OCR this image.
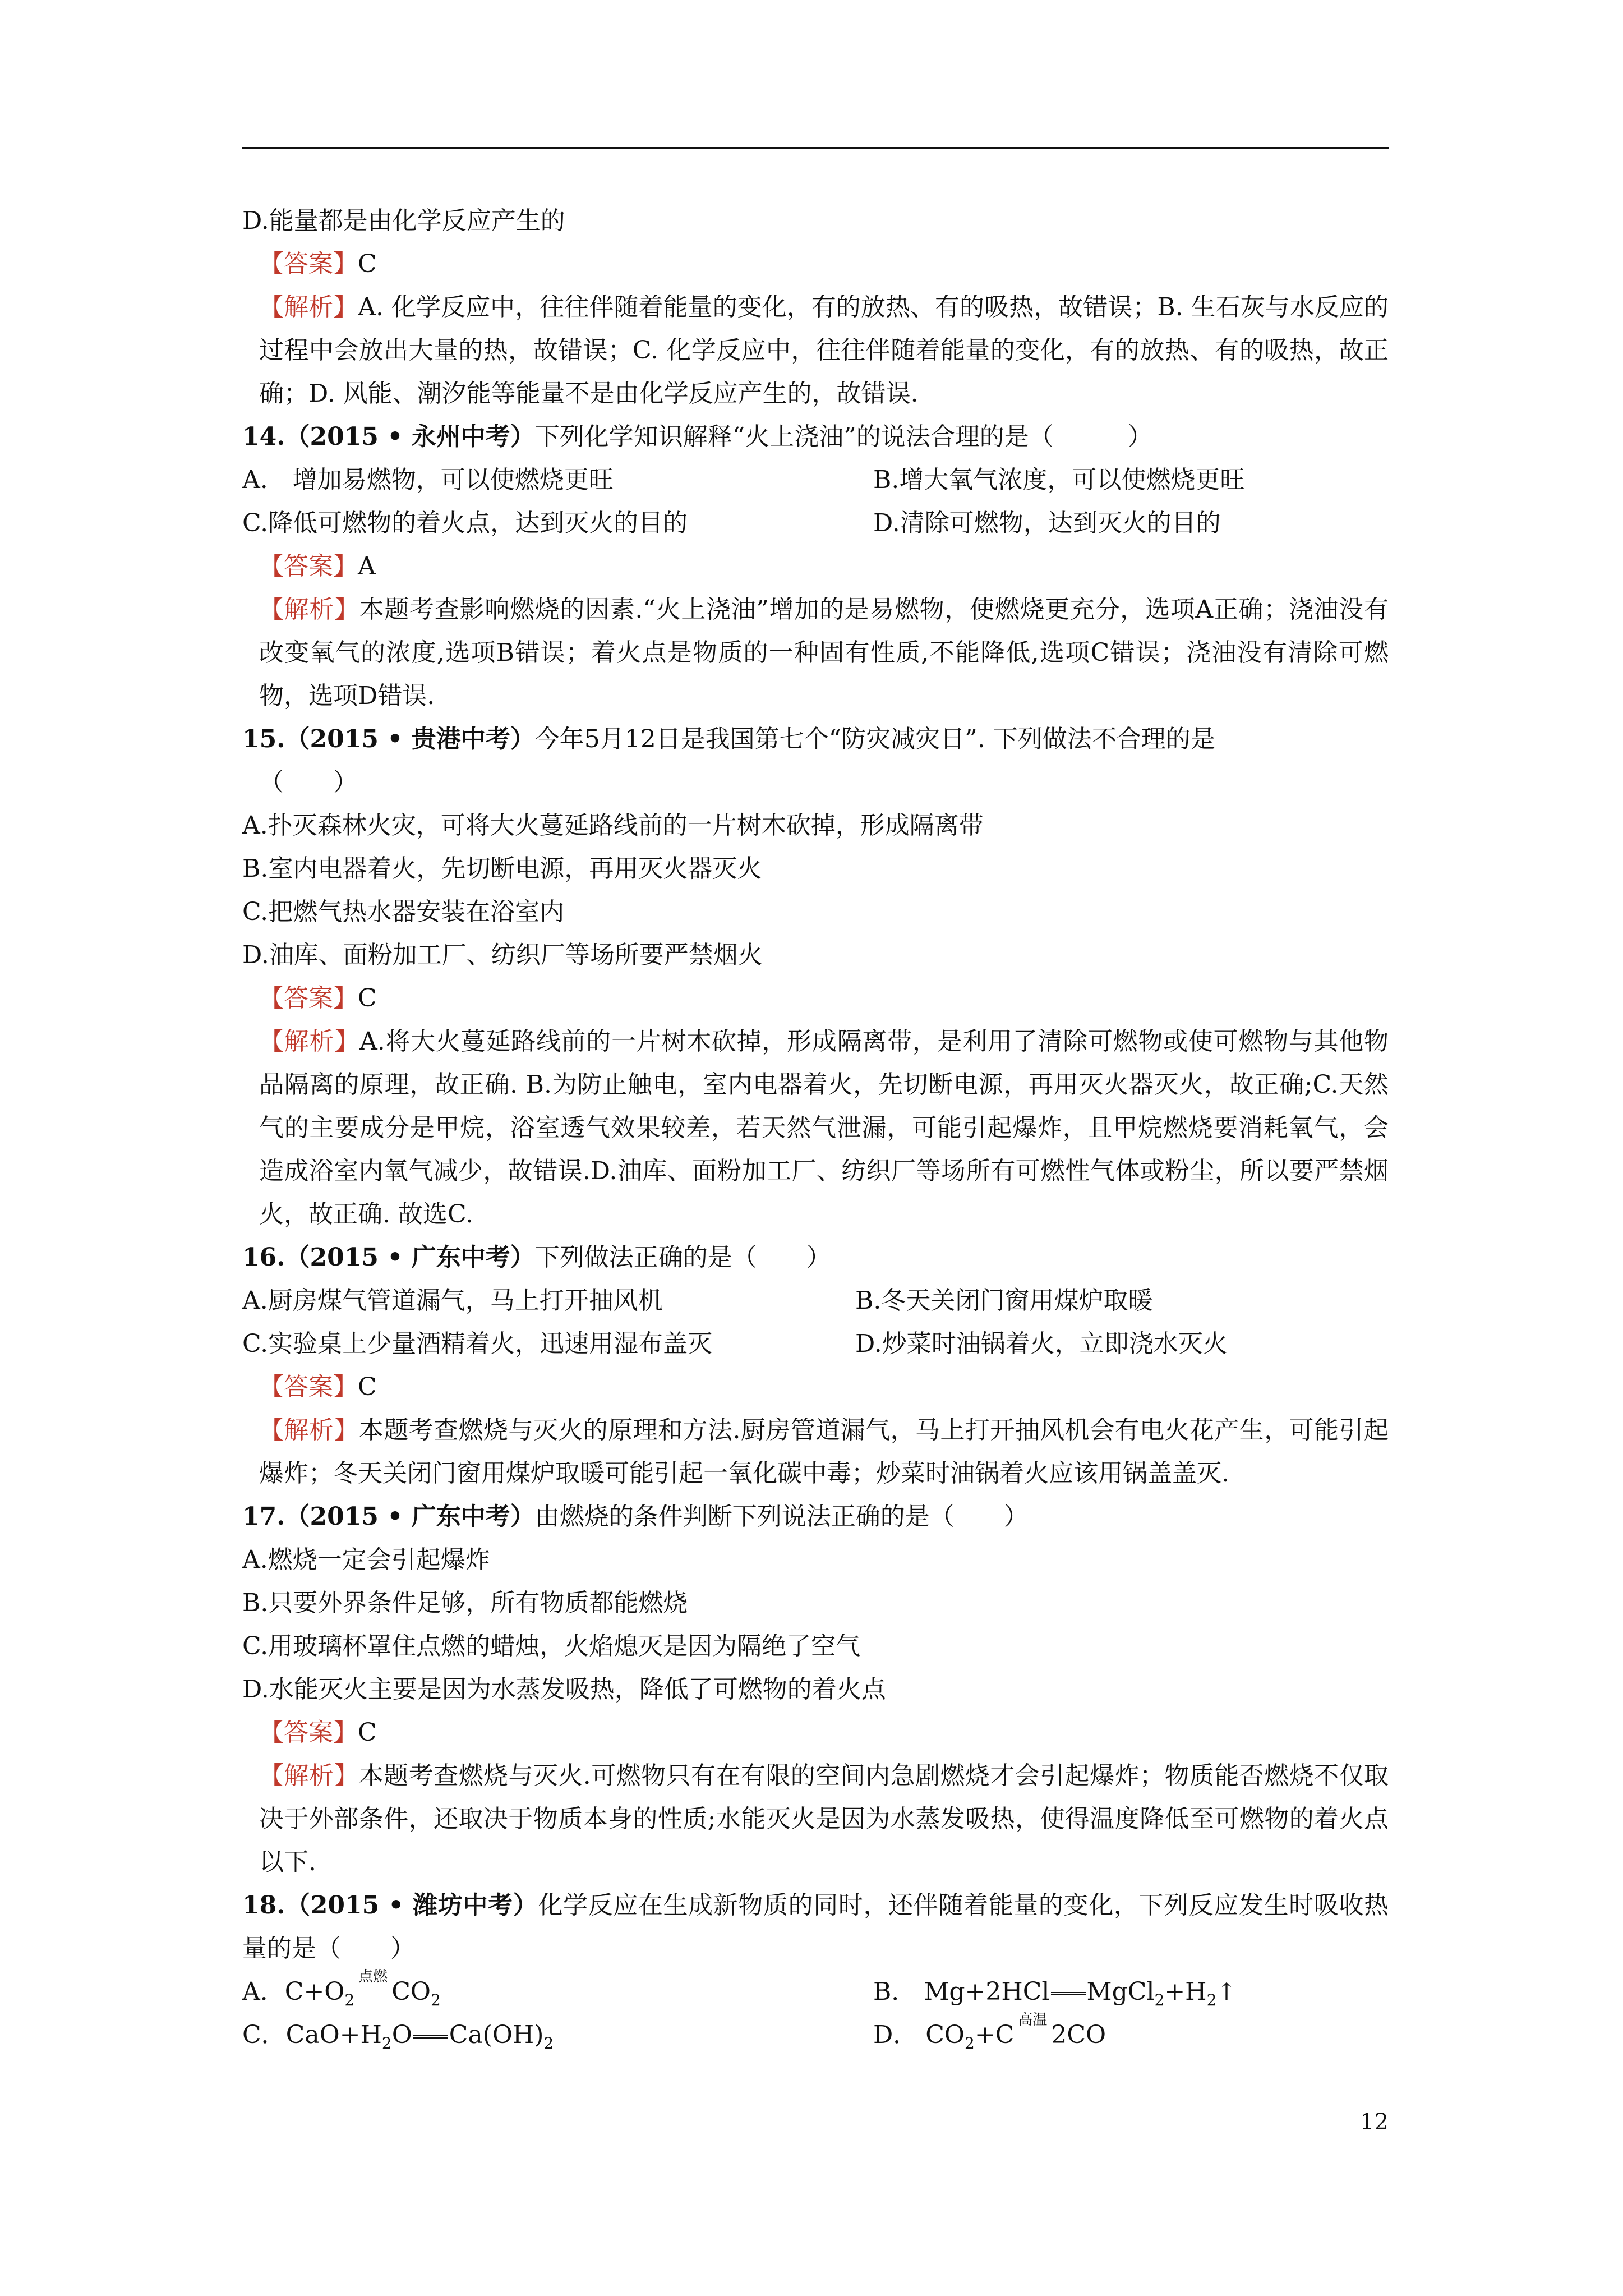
D.能量都是由化学反应产生的
【答案】C
【解析】A. 化学反应中，往往伴随着能量的变化，有的放热、有的吸热，故错误；B. 生石灰与水反应的过程中会放出大量的热，故错误；C. 化学反应中，往往伴随着能量的变化，有的放热、有的吸热，故正确；D. 风能、潮汐能等能量不是由化学反应产生的，故错误.
14.（2015 • 永州中考）下列化学知识解释“火上浇油”的说法合理的是（　　　）
A.　增加易燃物，可以使燃烧更旺	B.增大氧气浓度，可以使燃烧更旺
C.降低可燃物的着火点，达到灭火的目的	D.清除可燃物，达到灭火的目的
【答案】A
【解析】本题考查影响燃烧的因素.“火上浇油”增加的是易燃物，使燃烧更充分，选项A正确；浇油没有改变氧气的浓度,选项B错误；着火点是物质的一种固有性质,不能降低,选项C错误；浇油没有清除可燃物，选项D错误.
15.（2015 • 贵港中考）今年5月12日是我国第七个“防灾减灾日”. 下列做法不合理的是
（　　）
A.扑灭森林火灾，可将大火蔓延路线前的一片树木砍掉，形成隔离带
B.室内电器着火，先切断电源，再用灭火器灭火
C.把燃气热水器安装在浴室内
D.油库、面粉加工厂、纺织厂等场所要严禁烟火
【答案】C
【解析】A.将大火蔓延路线前的一片树木砍掉，形成隔离带，是利用了清除可燃物或使可燃物与其他物品隔离的原理，故正确. B.为防止触电，室内电器着火，先切断电源，再用灭火器灭火，故正确;C.天然气的主要成分是甲烷，浴室透气效果较差，若天然气泄漏，可能引起爆炸，且甲烷燃烧要消耗氧气，会造成浴室内氧气减少，故错误.D.油库、面粉加工厂、纺织厂等场所有可燃性气体或粉尘，所以要严禁烟火，故正确. 故选C.
16.（2015 • 广东中考）下列做法正确的是（　　）
A.厨房煤气管道漏气，马上打开抽风机	B.冬天关闭门窗用煤炉取暖
C.实验桌上少量酒精着火，迅速用湿布盖灭	D.炒菜时油锅着火，立即浇水灭火
【答案】C
【解析】本题考查燃烧与灭火的原理和方法.厨房管道漏气，马上打开抽风机会有电火花产生，可能引起爆炸；冬天关闭门窗用煤炉取暖可能引起一氧化碳中毒；炒菜时油锅着火应该用锅盖盖灭.
17.（2015 • 广东中考）由燃烧的条件判断下列说法正确的是（　　）
A.燃烧一定会引起爆炸
B.只要外界条件足够，所有物质都能燃烧
C.用玻璃杯罩住点燃的蜡烛，火焰熄灭是因为隔绝了空气
D.水能灭火主要是因为水蒸发吸热，降低了可燃物的着火点
【答案】C
【解析】本题考查燃烧与灭火.可燃物只有在有限的空间内急剧燃烧才会引起爆炸；物质能否燃烧不仅取决于外部条件，还取决于物质本身的性质;水能灭火是因为水蒸发吸热，使得温度降低至可燃物的着火点以下.
18.（2015 • 潍坊中考）化学反应在生成新物质的同时，还伴随着能量的变化，下列反应发生时吸收热量的是（　　）
A．$C+O_2$
点燃
$CO_2$	B． Mg+2HCl $MgCl_2+H_2↑$
C．$CaO+H_2O$ $Ca(OH)_2$	D． $CO_2+C$
高温
2CO
12
